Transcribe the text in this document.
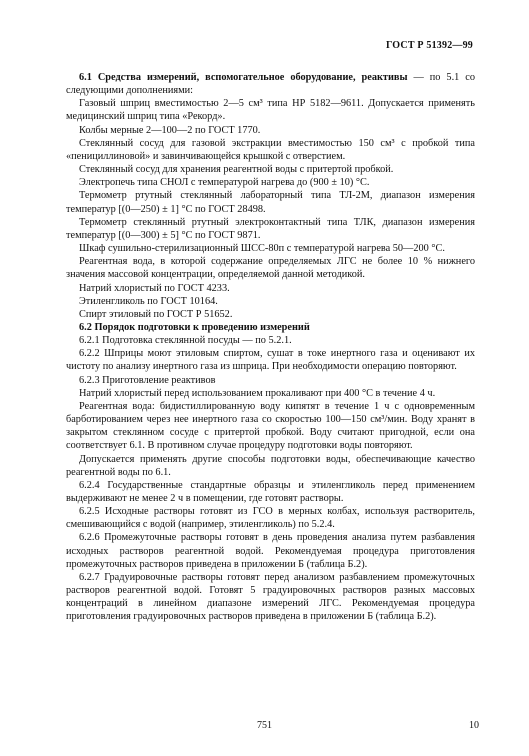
ГОСТ Р 51392—99

6.1 Средства измерений, вспомогательное оборудование, реактивы — по 5.1 со следующими дополнениями:

Газовый шприц вместимостью 2—5 см³ типа НР 5182—9611. Допускается применять медицинский шприц типа «Рекорд».

Колбы мерные 2—100—2 по ГОСТ 1770.

Стеклянный сосуд для газовой экстракции вместимостью 150 см³ с пробкой типа «пенициллиновой» и завинчивающейся крышкой с отверстием.

Стеклянный сосуд для хранения реагентной воды с притертой пробкой.

Электропечь типа СНОЛ с температурой нагрева до (900 ± 10) °С.

Термометр ртутный стеклянный лабораторный типа ТЛ-2М, диапазон измерения температур [(0—250) ± 1] °С по ГОСТ 28498.

Термометр стеклянный ртутный электроконтактный типа ТЛК, диапазон измерения температур [(0—300) ± 5] °С по ГОСТ 9871.

Шкаф сушильно-стерилизационный ШСС-80п с температурой нагрева 50—200 °С.

Реагентная вода, в которой содержание определяемых ЛГС не более 10 % нижнего значения массовой концентрации, определяемой данной методикой.

Натрий хлористый по ГОСТ 4233.

Этиленгликоль по ГОСТ 10164.

Спирт этиловый по ГОСТ Р 51652.

6.2 Порядок подготовки к проведению измерений

6.2.1 Подготовка стеклянной посуды — по 5.2.1.

6.2.2 Шприцы моют этиловым спиртом, сушат в токе инертного газа и оценивают их чистоту по анализу инертного газа из шприца. При необходимости операцию повторяют.

6.2.3 Приготовление реактивов

Натрий хлористый перед использованием прокаливают при 400 °С в течение 4 ч.

Реагентная вода: бидистиллированную воду кипятят в течение 1 ч с одновременным барботированием через нее инертного газа со скоростью 100—150 см³/мин. Воду хранят в закрытом стеклянном сосуде с притертой пробкой. Воду считают пригодной, если она соответствует 6.1. В противном случае процедуру подготовки воды повторяют.

Допускается применять другие способы подготовки воды, обеспечивающие качество реагентной воды по 6.1.

6.2.4 Государственные стандартные образцы и этиленгликоль перед применением выдерживают не менее 2 ч в помещении, где готовят растворы.

6.2.5 Исходные растворы готовят из ГСО в мерных колбах, используя растворитель, смешивающийся с водой (например, этиленгликоль) по 5.2.4.

6.2.6 Промежуточные растворы готовят в день проведения анализа путем разбавления исходных растворов реагентной водой. Рекомендуемая процедура приготовления промежуточных растворов приведена в приложении Б (таблица Б.2).

6.2.7 Градуировочные растворы готовят перед анализом разбавлением промежуточных растворов реагентной водой. Готовят 5 градуировочных растворов разных массовых концентраций в линейном диапазоне измерений ЛГС. Рекомендуемая процедура приготовления градуировочных растворов приведена в приложении Б (таблица Б.2).

751	10
